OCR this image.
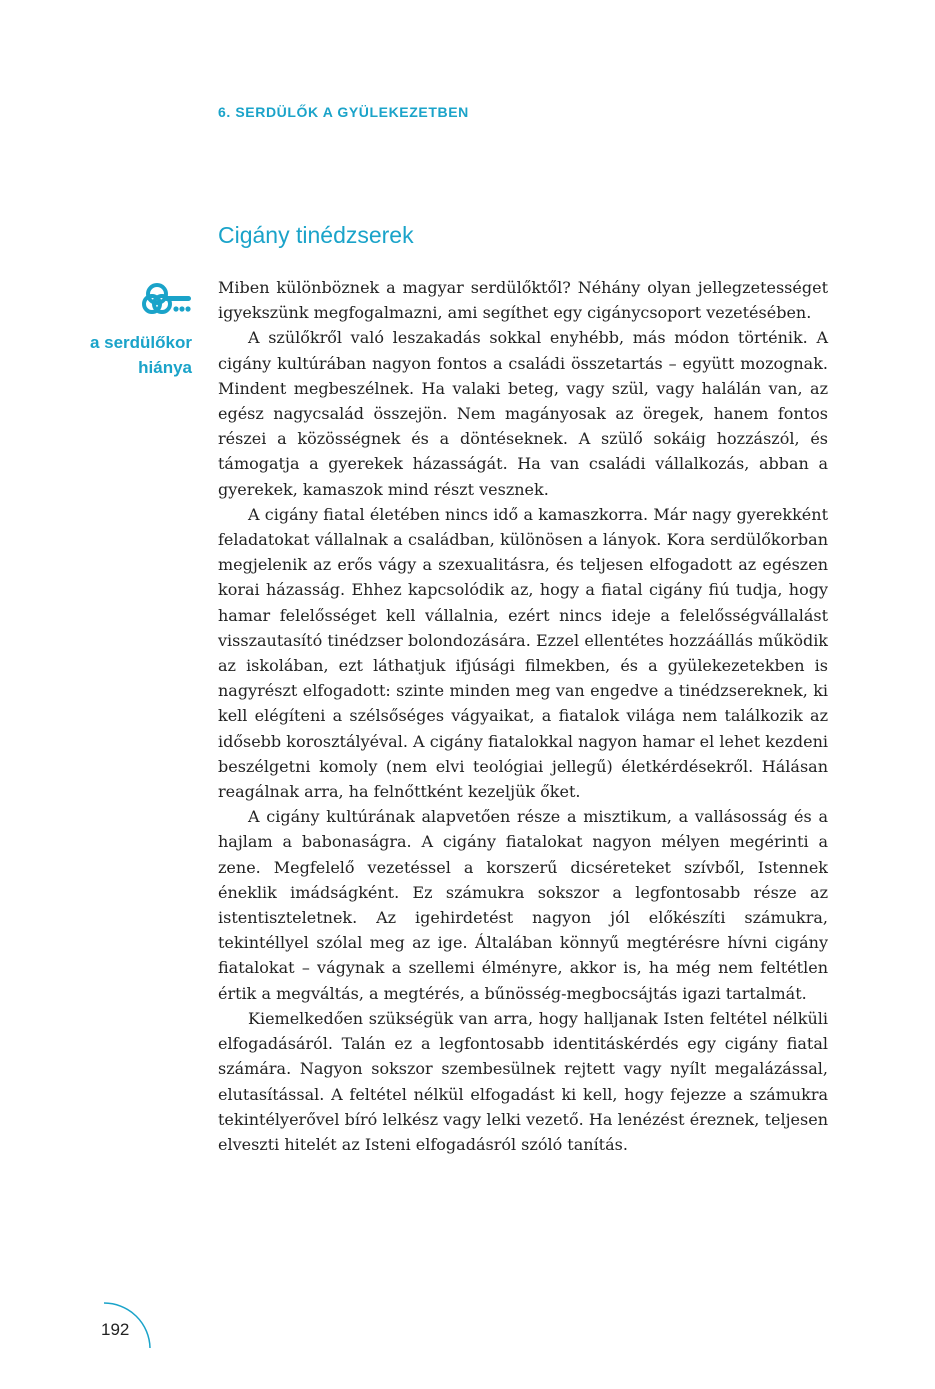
6. SERDÜLŐK A GYÜLEKEZETBEN
Cigány tinédzserek
a serdülőkor
hiánya

Miben különböznek a magyar serdülőktől? Néhány olyan jellegzetességet igyekszünk megfogalmazni, ami segíthet egy cigánycsoport vezetésében.

A szülőkről való leszakadás sokkal enyhébb, más módon történik. A cigány kultúrában nagyon fontos a családi összetartás – együtt mozognak. Mindent megbeszélnek. Ha valaki beteg, vagy szül, vagy halálán van, az egész nagycsalád összejön. Nem magányosak az öregek, hanem fontos részei a közösségnek és a döntéseknek. A szülő sokáig hozzászól, és támogatja a gyerekek házasságát. Ha van családi vállalkozás, abban a gyerekek, kamaszok mind részt vesznek.

A cigány fiatal életében nincs idő a kamaszkorra. Már nagy gyerekként feladatokat vállalnak a családban, különösen a lányok. Kora serdülőkorban megjelenik az erős vágy a szexualitásra, és teljesen elfogadott az egészen korai házasság. Ehhez kapcsolódik az, hogy a fiatal cigány fiú tudja, hogy hamar felelősséget kell vállalnia, ezért nincs ideje a felelősségvállalást visszautasító tinédzser bolondozására. Ezzel ellentétes hozzáállás működik az iskolában, ezt láthatjuk ifjúsági filmekben, és a gyülekezetekben is nagyrészt elfogadott: szinte minden meg van engedve a tinédzsereknek, ki kell elégíteni a szélsőséges vágyaikat, a fiatalok világa nem találkozik az idősebb korosztályéval. A cigány fiatalokkal nagyon hamar el lehet kezdeni beszélgetni komoly (nem elvi teológiai jellegű) életkérdésekről. Hálásan reagálnak arra, ha felnőttként kezeljük őket.

A cigány kultúrának alapvetően része a misztikum, a vallásosság és a hajlam a babonaságra. A cigány fiatalokat nagyon mélyen megérinti a zene. Megfelelő vezetéssel a korszerű dicséreteket szívből, Istennek éneklik imádságként. Ez számukra sokszor a legfontosabb része az istentiszteletnek. Az igehirdetést nagyon jól előkészíti számukra, tekintéllyel szólal meg az ige. Általában könnyű megtérésre hívni cigány fiatalokat – vágynak a szellemi élményre, akkor is, ha még nem feltétlen értik a megváltás, a megtérés, a bűnösség-megbocsájtás igazi tartalmát.

Kiemelkedően szükségük van arra, hogy halljanak Isten feltétel nélküli elfogadásáról. Talán ez a legfontosabb identitáskérdés egy cigány fiatal számára. Nagyon sokszor szembesülnek rejtett vagy nyílt megalázással, elutasítással. A feltétel nélkül elfogadást ki kell, hogy fejezze a számukra tekintélyerővel bíró lelkész vagy lelki vezető. Ha lenézést éreznek, teljesen elveszti hitelét az Isteni elfogadásról szóló tanítás.

192
